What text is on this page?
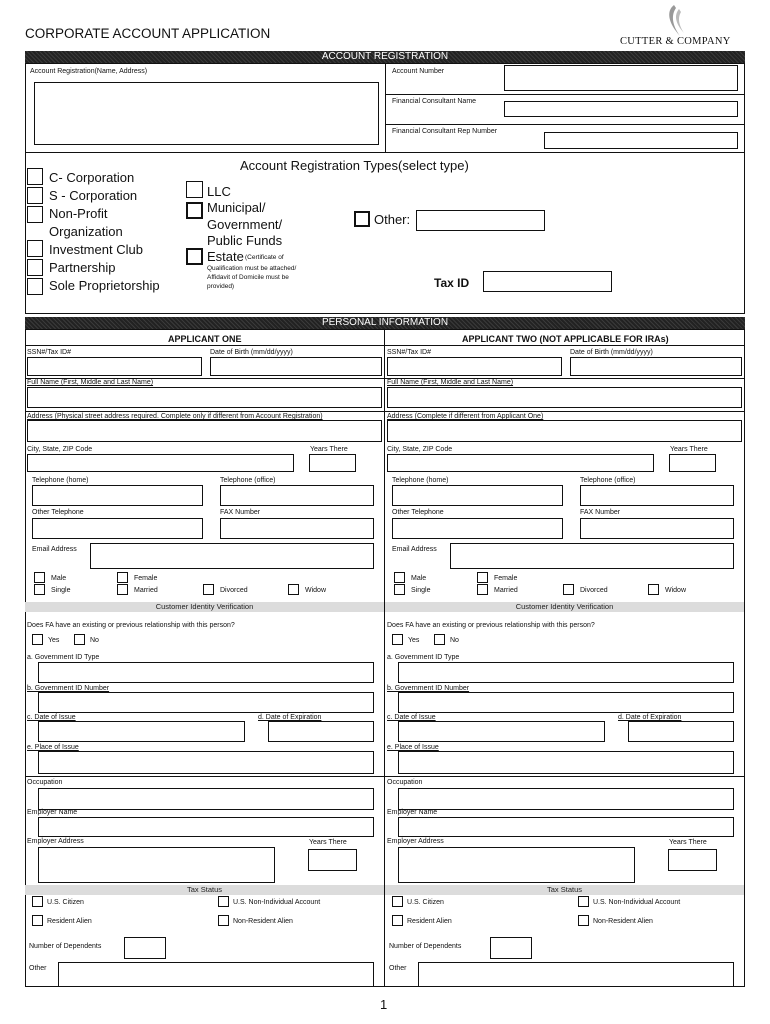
CORPORATE ACCOUNT APPLICATION
CUTTER & COMPANY
ACCOUNT REGISTRATION
Account Registration(Name, Address)	Account Number
Financial Consultant Name
Financial Consultant Rep Number
Account Registration Types(select type)
C- Corporation
S - Corporation
Non-Profit
Organization
Investment Club
Partnership
Sole Proprietorship
LLC
Municipal/
Government/
Public Funds
Estate (Certificate of
Qualification must be attached/
Affidavit of Domicile must be
provided)
Other:
Tax ID
PERSONAL INFORMATION
APPLICANT ONE
SSN#/Tax ID#	Date of Birth (mm/dd/yyyy)
Full Name (First, Middle and Last Name)
Address (Physical street address required. Complete only if different from Account Registration)
City, State, ZIP Code	Years There
Telephone (home)	Telephone (office)
Other Telephone	FAX Number
Email Address
Male	Female
Single	Married	Divorced	Widow
Customer Identity Verification
Does FA have an existing or previous relationship with this person?
Yes	No
a. Government ID Type
b. Government ID Number
c. Date of Issue	d. Date of Expiration
e. Place of Issue
Occupation
Employer Name
Employer Address	Years There
Tax Status
U.S. Citizen	U.S. Non-Individual Account
Resident Alien	Non-Resident Alien
Number of Dependents
Other
APPLICANT TWO (NOT APPLICABLE FOR IRAs)
SSN#/Tax ID#	Date of Birth (mm/dd/yyyy)
Full Name (First, Middle and Last Name)
Address (Complete if different from Applicant One)
City, State, ZIP Code	Years There
Telephone (home)	Telephone (office)
Other Telephone	FAX Number
Email Address
Male	Female
Single	Married	Divorced	Widow
Customer Identity Verification
Does FA have an existing or previous relationship with this person?
Yes	No
a. Government ID Type
b. Government ID Number
c. Date of Issue	d. Date of Expiration
e. Place of Issue
Occupation
Employer Name
Employer Address	Years There
Tax Status
U.S. Citizen	U.S. Non-Individual Account
Resident Alien	Non-Resident Alien
Number of Dependents
Other
1
